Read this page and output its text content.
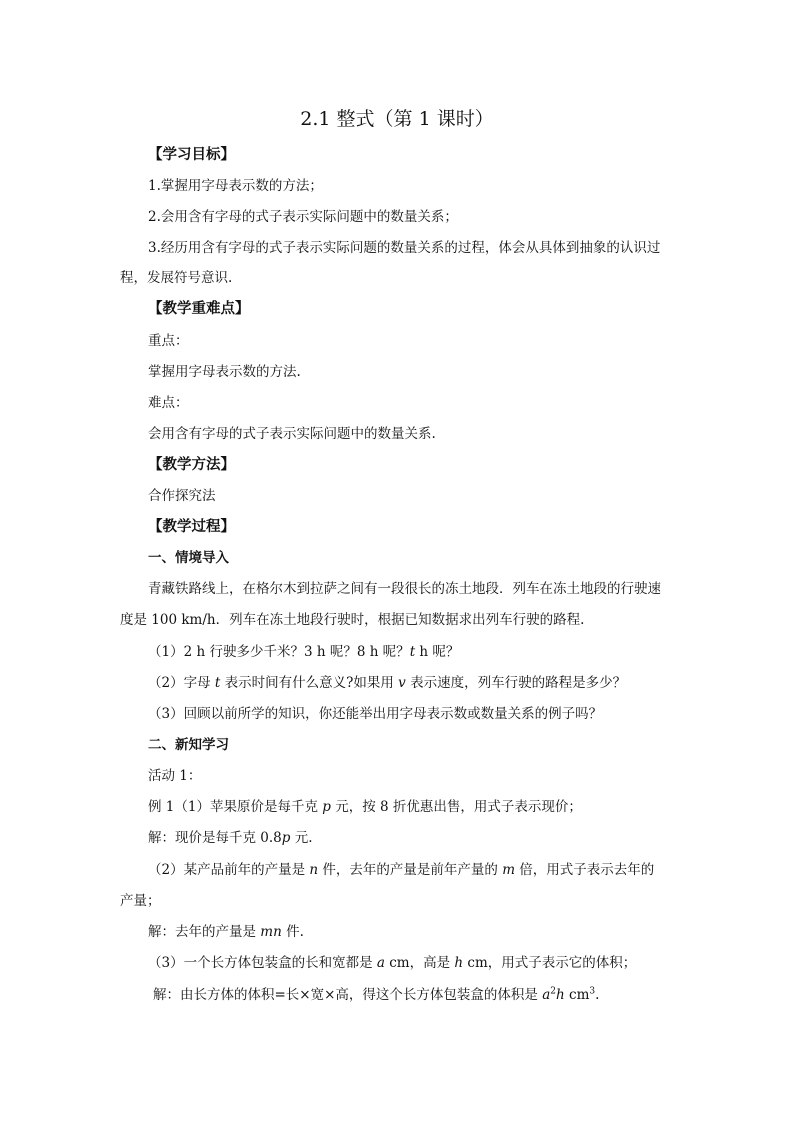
2.1 整式（第 1 课时）
【学习目标】
1.掌握用字母表示数的方法；
2.会用含有字母的式子表示实际问题中的数量关系；
3.经历用含有字母的式子表示实际问题的数量关系的过程，体会从具体到抽象的认识过
程，发展符号意识.
【教学重难点】
重点：
掌握用字母表示数的方法.
难点：
会用含有字母的式子表示实际问题中的数量关系.
【教学方法】
合作探究法
【教学过程】
一、情境导入
青藏铁路线上，在格尔木到拉萨之间有一段很长的冻土地段．列车在冻土地段的行驶速
度是 100 km/h．列车在冻土地段行驶时，根据已知数据求出列车行驶的路程.
（1）2 h 行驶多少千米？3 h 呢？8 h 呢？t h 呢？
（2）字母 t 表示时间有什么意义?如果用 v 表示速度，列车行驶的路程是多少？
（3）回顾以前所学的知识，你还能举出用字母表示数或数量关系的例子吗？
二、新知学习
活动 1：
例 1（1）苹果原价是每千克 p 元，按 8 折优惠出售，用式子表示现价；
解：现价是每千克 0.8p 元.
（2）某产品前年的产量是 n 件，去年的产量是前年产量的 m 倍，用式子表示去年的
产量；
解：去年的产量是 mn 件.
（3）一个长方体包装盒的长和宽都是 a cm，高是 h cm，用式子表示它的体积；
解：由长方体的体积=长×宽×高，得这个长方体包装盒的体积是 $a^2h$ $cm^3$.
